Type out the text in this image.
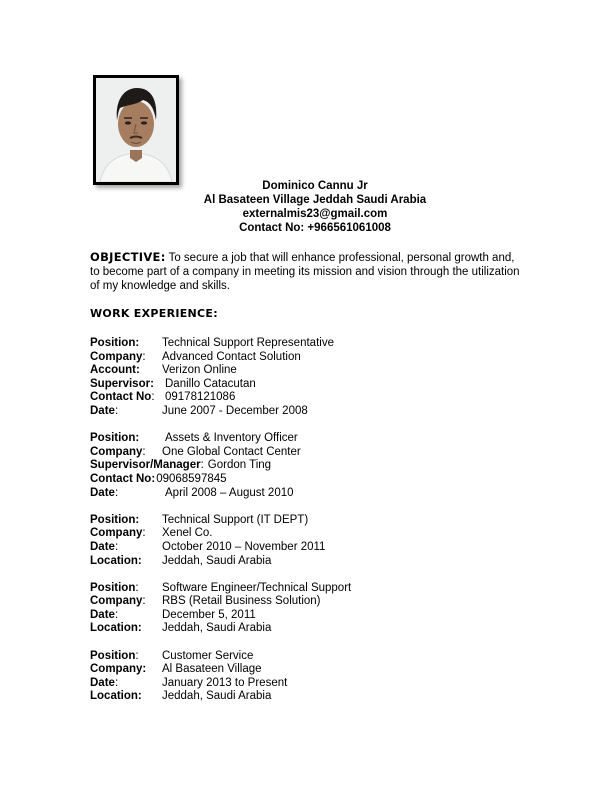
Dominico Cannu Jr
Al Basateen Village Jeddah Saudi Arabia
externalmis23@gmail.com
Contact No: +966561061008
OBJECTIVE: To secure a job that will enhance professional, personal growth and, to become part of a company in meeting its mission and vision through the utilization of my knowledge and skills.
WORK EXPERIENCE:
Position: Technical Support Representative
Company: Advanced Contact Solution
Account: Verizon Online
Supervisor: Danillo Catacutan
Contact No: 09178121086
Date:	June 2007 - December 2008
Position: Assets & Inventory Officer
Company: One Global Contact Center
Supervisor/Manager: Gordon Ting
Contact No:09068597845
Date:	April 2008 – August 2010
Position: Technical Support (IT DEPT)
Company: Xenel Co.
Date:	October 2010 – November 2011
Location: Jeddah, Saudi Arabia
Position: Software Engineer/Technical Support
Company: RBS (Retail Business Solution)
Date:	December 5, 2011
Location: Jeddah, Saudi Arabia
Position: Customer Service
Company: Al Basateen Village
Date:	January 2013 to Present
Location: Jeddah, Saudi Arabia
